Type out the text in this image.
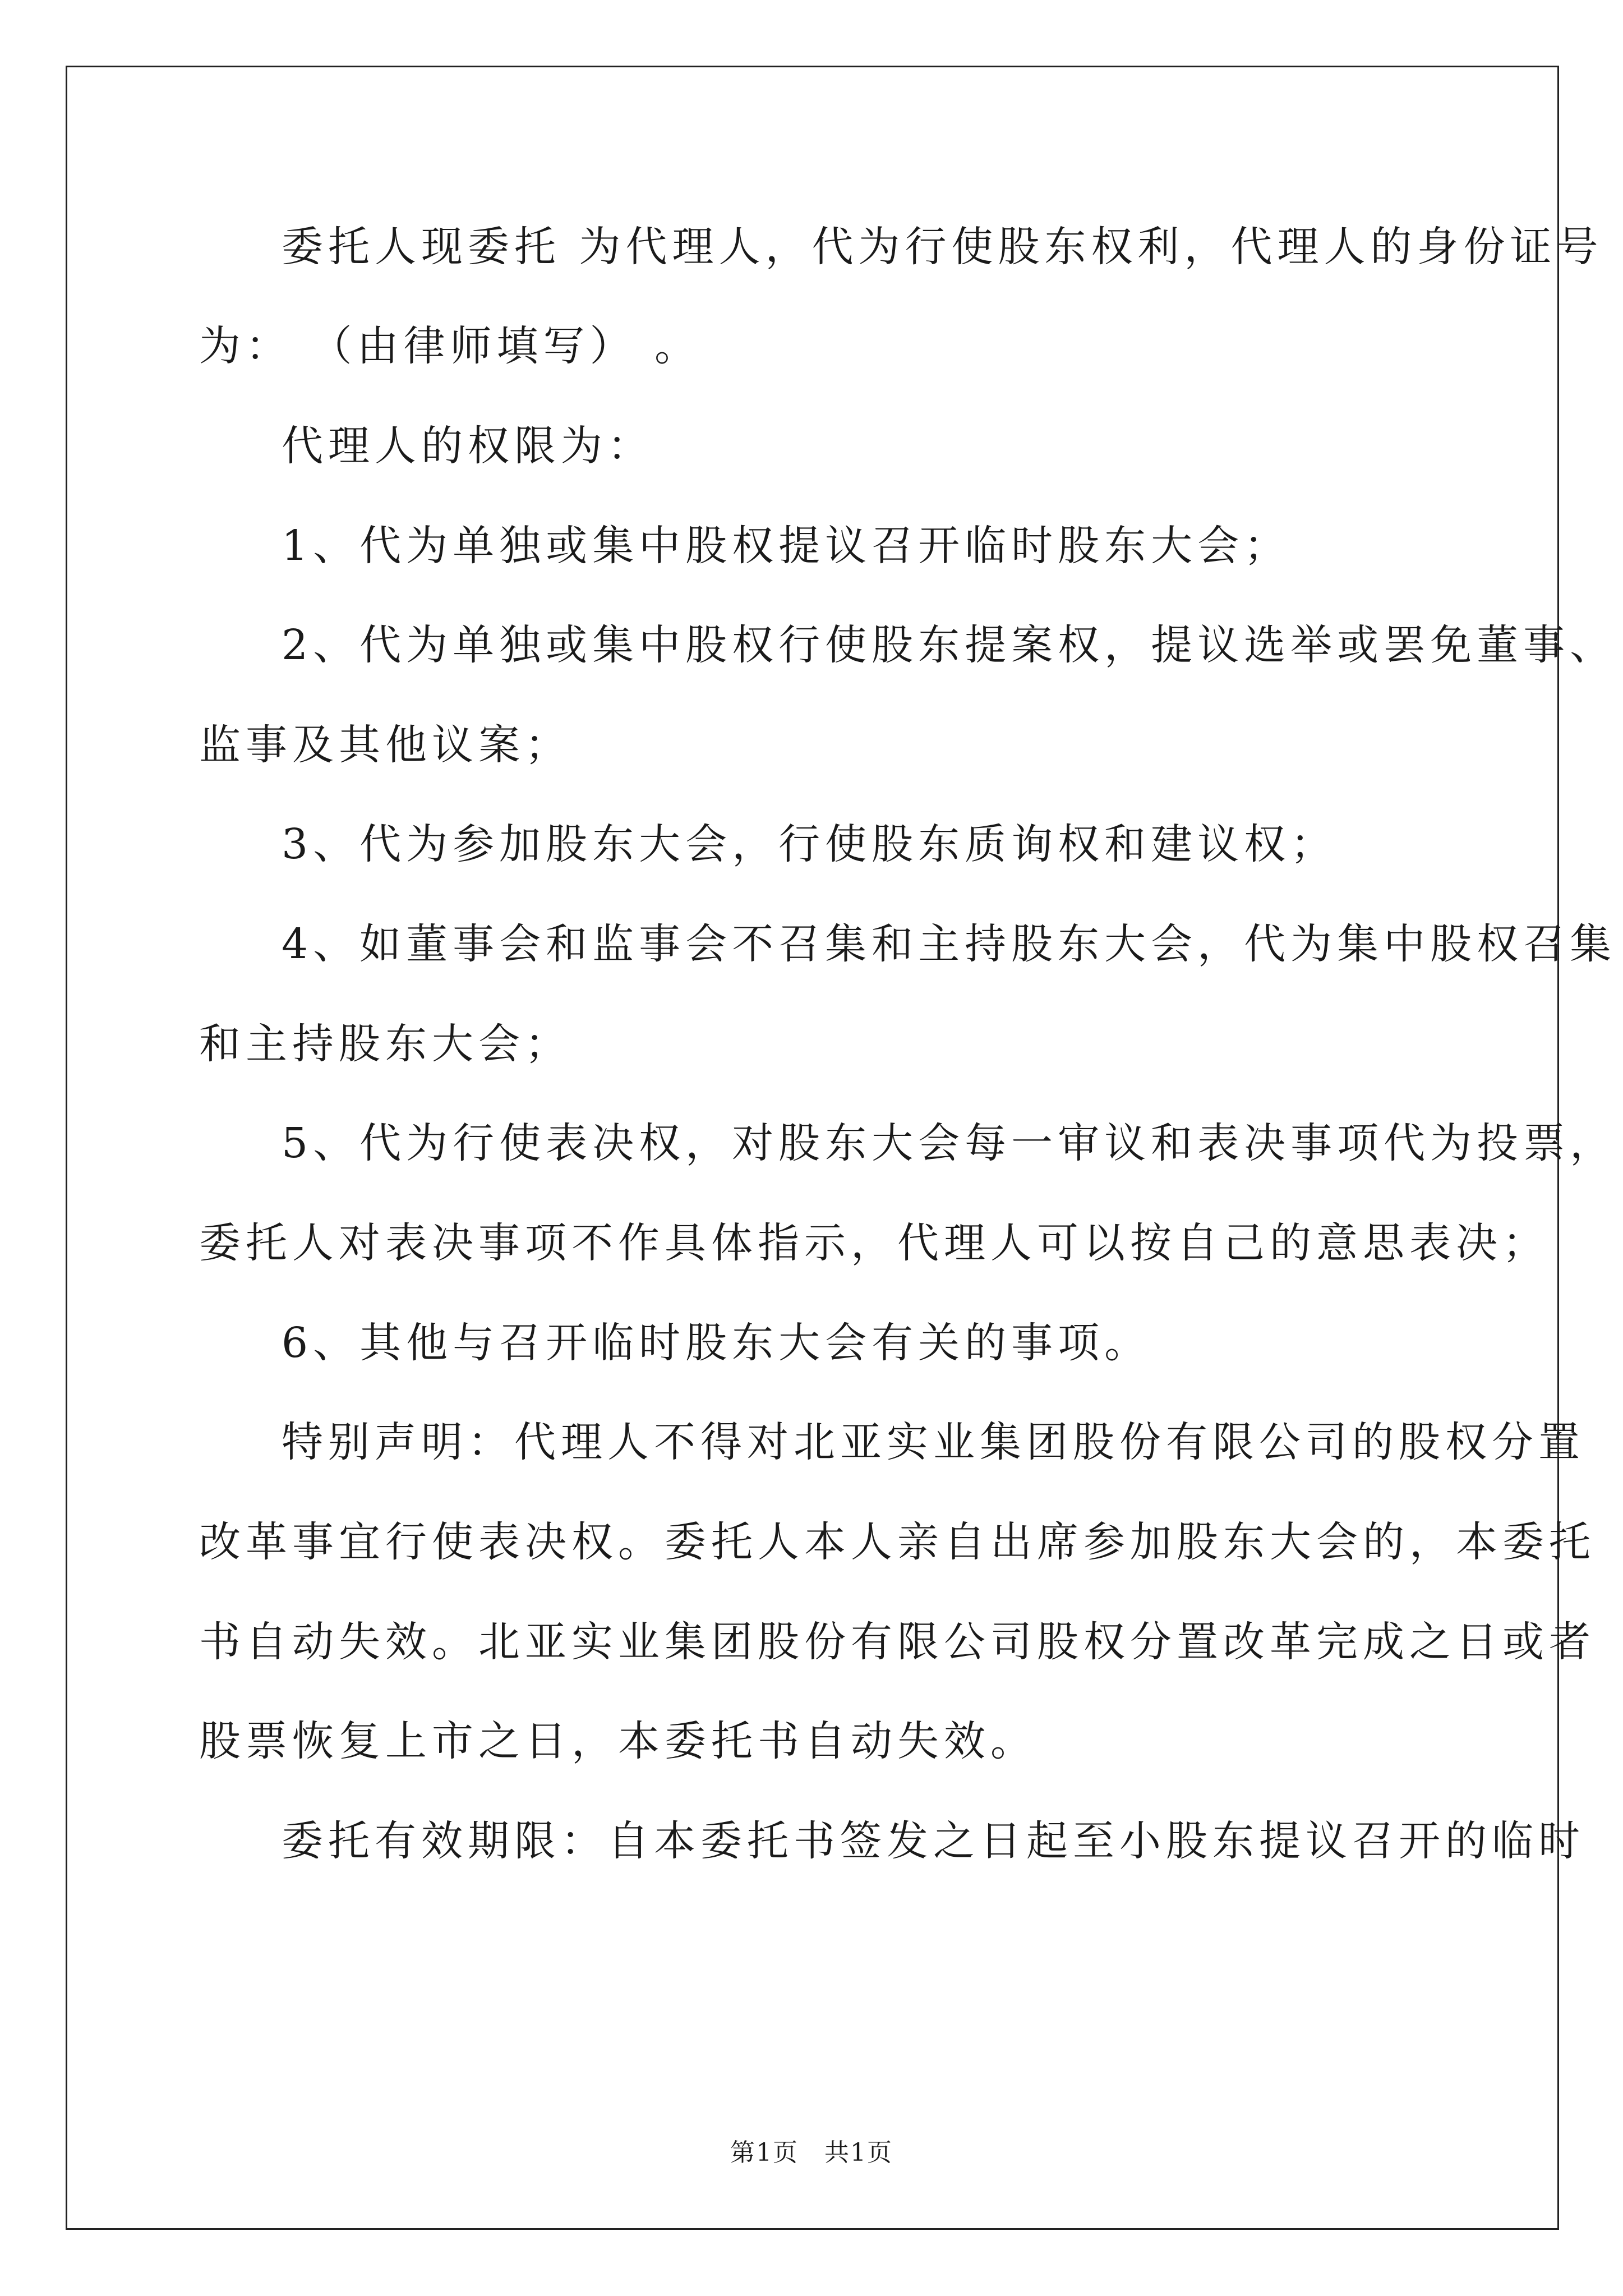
委托人现委托 为代理人，代为行使股东权利，代理人的身份证号
为： （由律师填写） 。
代理人的权限为：
1、代为单独或集中股权提议召开临时股东大会；
2、代为单独或集中股权行使股东提案权，提议选举或罢免董事、
监事及其他议案；
3、代为参加股东大会，行使股东质询权和建议权；
4、如董事会和监事会不召集和主持股东大会，代为集中股权召集
和主持股东大会；
5、代为行使表决权，对股东大会每一审议和表决事项代为投票，
委托人对表决事项不作具体指示，代理人可以按自己的意思表决；
6、其他与召开临时股东大会有关的事项。
特别声明：代理人不得对北亚实业集团股份有限公司的股权分置
改革事宜行使表决权。委托人本人亲自出席参加股东大会的，本委托
书自动失效。北亚实业集团股份有限公司股权分置改革完成之日或者
股票恢复上市之日，本委托书自动失效。
委托有效期限：自本委托书签发之日起至小股东提议召开的临时
第1页　共1页
